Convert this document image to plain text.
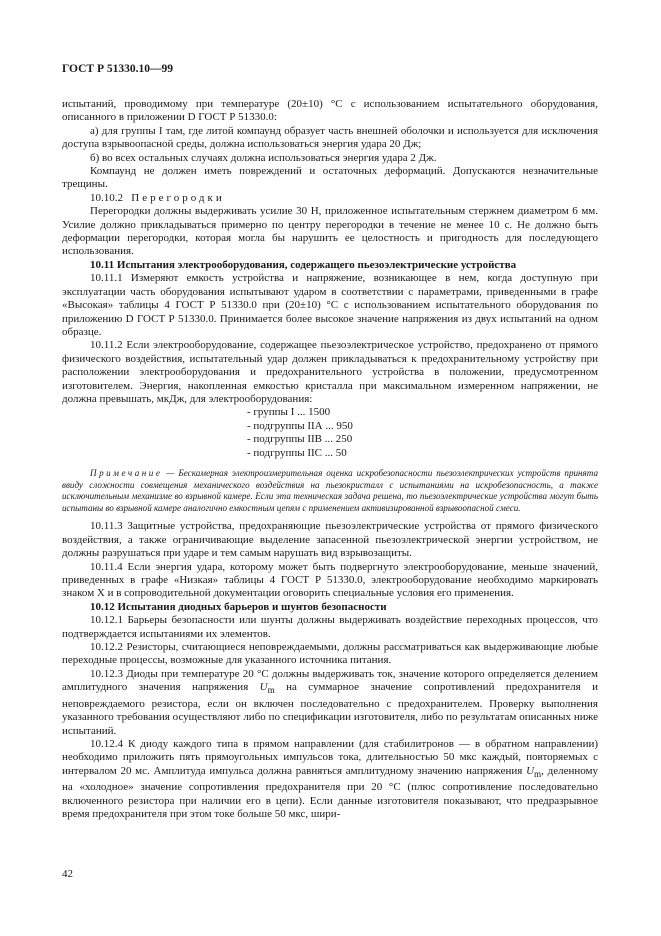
ГОСТ Р 51330.10—99

испытаний, проводимому при температуре (20±10) °С с использованием испытательного оборудования, описанного в приложении D ГОСТ Р 51330.0:

а) для группы I там, где литой компаунд образует часть внешней оболочки и используется для исключения доступа взрывоопасной среды, должна использоваться энергия удара 20 Дж;

б) во всех остальных случаях должна использоваться энергия удара 2 Дж.

Компаунд не должен иметь повреждений и остаточных деформаций. Допускаются незначительные трещины.

10.10.2 Перегородки

Перегородки должны выдерживать усилие 30 Н, приложенное испытательным стержнем диаметром 6 мм. Усилие должно прикладываться примерно по центру перегородки в течение не менее 10 с. Не должно быть деформации перегородки, которая могла бы нарушить ее целостность и пригодность для последующего использования.

10.11 Испытания электрооборудования, содержащего пьезоэлектрические устройства

10.11.1 Измеряют емкость устройства и напряжение, возникающее в нем, когда доступную при эксплуатации часть оборудования испытывают ударом в соответствии с параметрами, приведенными в графе «Высокая» таблицы 4 ГОСТ Р 51330.0 при (20±10) °С с использованием испытательного оборудования по приложению D ГОСТ Р 51330.0. Принимается более высокое значение напряжения из двух испытаний на одном образце.

10.11.2 Если электрооборудование, содержащее пьезоэлектрическое устройство, предохранено от прямого физического воздействия, испытательный удар должен прикладываться к предохранительному устройству при расположении электрооборудования и предохранительного устройства в положении, предусмотренном изготовителем. Энергия, накопленная емкостью кристалла при максимальном измеренном напряжении, не должна превышать, мкДж, для электрооборудования:

- группы I ... 1500

- подгруппы IIА ... 950

- подгруппы IIВ ... 250

- подгруппы IIС ... 50

Примечание — Бескамерная электроизмерительная оценка искробезопасности пьезоэлектрических устройств принята ввиду сложности совмещения механического воздействия на пьезокристалл с испытаниями на искробезопасность, а также исключительным механизме во взрывной камере. Если эта техническая задача решена, то пьезоэлектрические устройства могут быть испытаны во взрывной камере аналогично емкостным цепям с применением активизированной взрывоопасной смеси.

10.11.3 Защитные устройства, предохраняющие пьезоэлектрические устройства от прямого физического воздействия, а также ограничивающие выделение запасенной пьезоэлектрической энергии устройством, не должны разрушаться при ударе и тем самым нарушать вид взрывозащиты.

10.11.4 Если энергия удара, которому может быть подвергнуто электрооборудование, меньше значений, приведенных в графе «Низкая» таблицы 4 ГОСТ Р 51330.0, электрооборудование необходимо маркировать знаком X и в сопроводительной документации оговорить специальные условия его применения.

10.12 Испытания диодных барьеров и шунтов безопасности

10.12.1 Барьеры безопасности или шунты должны выдерживать воздействие переходных процессов, что подтверждается испытаниями их элементов.

10.12.2 Резисторы, считающиеся неповреждаемыми, должны рассматриваться как выдерживающие любые переходные процессы, возможные для указанного источника питания.

10.12.3 Диоды при температуре 20 °С должны выдерживать ток, значение которого определяется делением амплитудного значения напряжения $U_m$ на суммарное значение сопротивлений предохранителя и неповреждаемого резистора, если он включен последовательно с предохранителем. Проверку выполнения указанного требования осуществляют либо по спецификации изготовителя, либо по результатам описанных ниже испытаний.

10.12.4 К диоду каждого типа в прямом направлении (для стабилитронов — в обратном направлении) необходимо приложить пять прямоугольных импульсов тока, длительностью 50 мкс каждый, повторяемых с интервалом 20 мс. Амплитуда импульса должна равняться амплитудному значению напряжения $U_m$, деленному на «холодное» значение сопротивления предохранителя при 20 °С (плюс сопротивление последовательно включенного резистора при наличии его в цепи). Если данные изготовителя показывают, что предразрывное время предохранителя при этом токе больше 50 мкс, шири-

42
